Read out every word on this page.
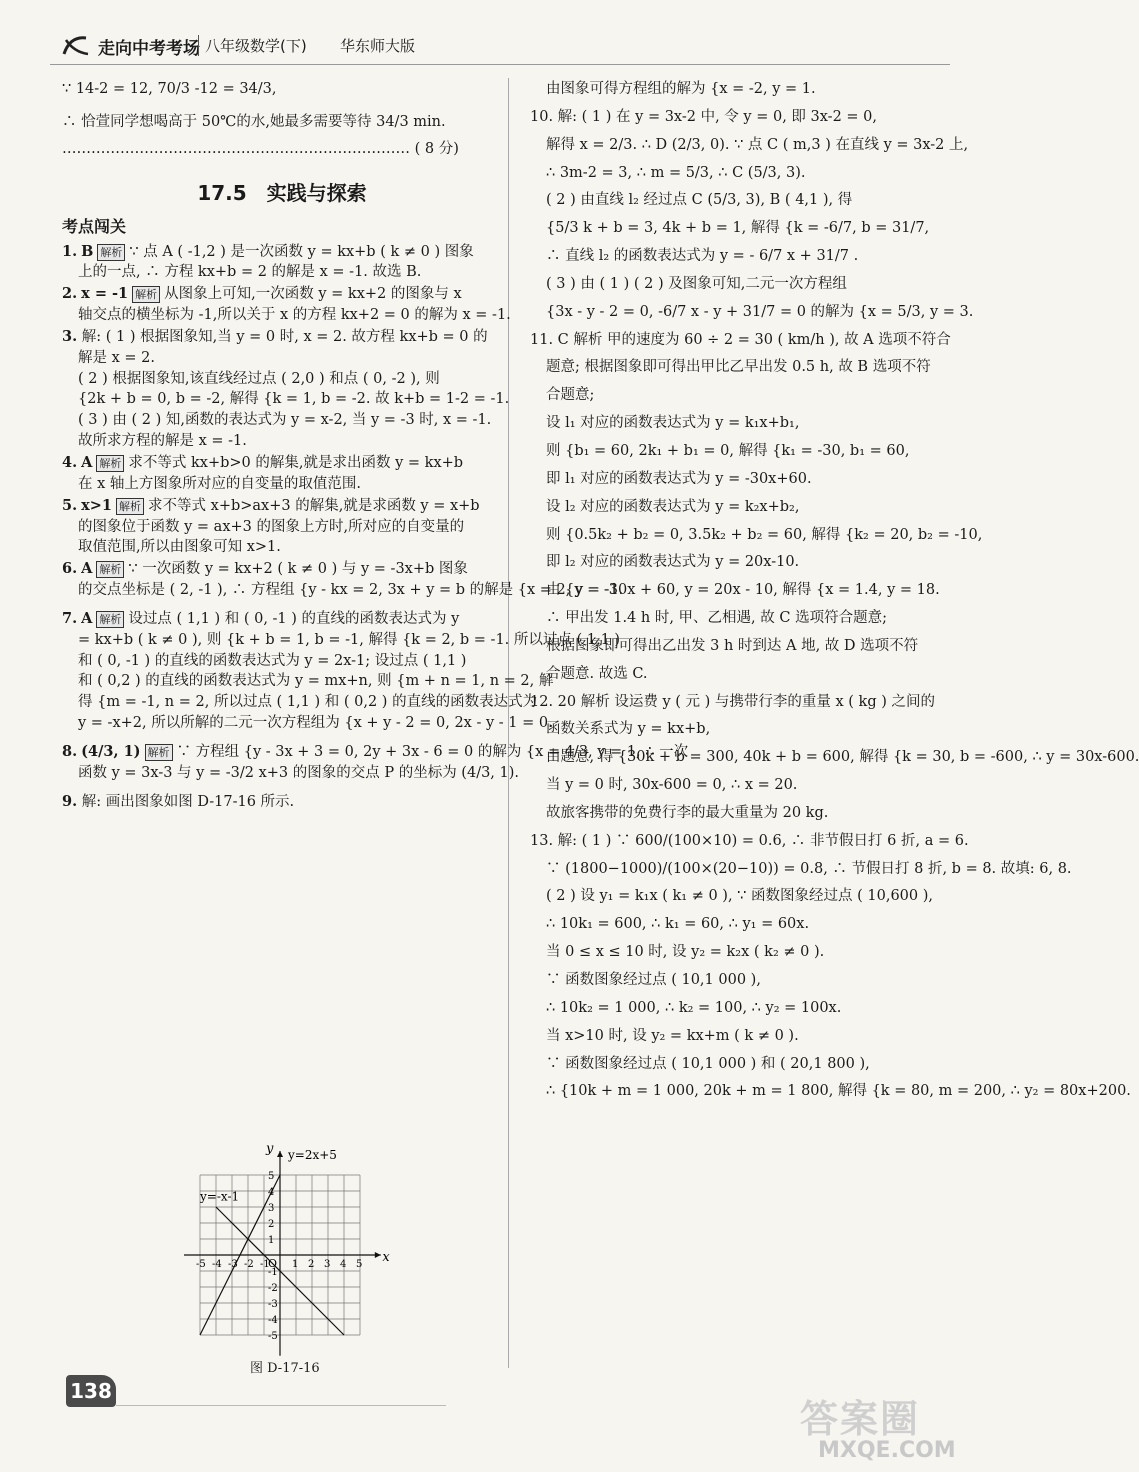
走向中考考场 八年级数学(下) 华东师大版
∵ 14-2 = 12, 70/3 -12 = 34/3,
∴ 恰萱同学想喝高于 50℃的水,她最多需要等待 34/3 min.
……………………………………………………………… ( 8 分)
17.5　实践与探索
考点闯关
1. B 解析 ∵ 点 A ( -1,2 ) 是一次函数 y = kx+b ( k ≠ 0 ) 图象
上的一点, ∴ 方程 kx+b = 2 的解是 x = -1. 故选 B.
2. x = -1 解析 从图象上可知,一次函数 y = kx+2 的图象与 x
轴交点的横坐标为 -1,所以关于 x 的方程 kx+2 = 0 的解为 x = -1.
3. 解: ( 1 ) 根据图象知,当 y = 0 时, x = 2. 故方程 kx+b = 0 的
解是 x = 2.
( 2 ) 根据图象知,该直线经过点 ( 2,0 ) 和点 ( 0, -2 ), 则
{2k + b = 0, b = -2, 解得 {k = 1, b = -2. 故 k+b = 1-2 = -1.
( 3 ) 由 ( 2 ) 知,函数的表达式为 y = x-2, 当 y = -3 时, x = -1.
故所求方程的解是 x = -1.
4. A 解析 求不等式 kx+b>0 的解集,就是求出函数 y = kx+b
在 x 轴上方图象所对应的自变量的取值范围.
5. x>1 解析 求不等式 x+b>ax+3 的解集,就是求函数 y = x+b
的图象位于函数 y = ax+3 的图象上方时,所对应的自变量的
取值范围,所以由图象可知 x>1.
6. A 解析 ∵ 一次函数 y = kx+2 ( k ≠ 0 ) 与 y = -3x+b 图象
的交点坐标是 ( 2, -1 ), ∴ 方程组 {y - kx = 2, 3x + y = b 的解是 {x = 2, y = -1.
7. A 解析 设过点 ( 1,1 ) 和 ( 0, -1 ) 的直线的函数表达式为 y
= kx+b ( k ≠ 0 ), 则 {k + b = 1, b = -1, 解得 {k = 2, b = -1. 所以过点 ( 1,1 )
和 ( 0, -1 ) 的直线的函数表达式为 y = 2x-1; 设过点 ( 1,1 )
和 ( 0,2 ) 的直线的函数表达式为 y = mx+n, 则 {m + n = 1, n = 2, 解
得 {m = -1, n = 2, 所以过点 ( 1,1 ) 和 ( 0,2 ) 的直线的函数表达式为
y = -x+2, 所以所解的二元一次方程组为 {x + y - 2 = 0, 2x - y - 1 = 0.
8. (4/3, 1) 解析 ∵ 方程组 {y - 3x + 3 = 0, 2y + 3x - 6 = 0 的解为 {x = 4/3, y = 1, ∴ 一次
函数 y = 3x-3 与 y = -3/2 x+3 的图象的交点 P 的坐标为 (4/3, 1).
9. 解: 画出图象如图 D-17-16 所示.
y=2x+5
y=-x-1
x
y
O
-5 -4 -3 -2 -1 1 2 3 4 5
5
4
3
2
1
-1
-2
-3
-4
-5
图 D-17-16
由图象可得方程组的解为 {x = -2, y = 1.
10. 解: ( 1 ) 在 y = 3x-2 中, 令 y = 0, 即 3x-2 = 0,
解得 x = 2/3. ∴ D (2/3, 0). ∵ 点 C ( m,3 ) 在直线 y = 3x-2 上,
∴ 3m-2 = 3, ∴ m = 5/3, ∴ C (5/3, 3).
( 2 ) 由直线 l₂ 经过点 C (5/3, 3), B ( 4,1 ), 得
{5/3 k + b = 3, 4k + b = 1, 解得 {k = -6/7, b = 31/7,
∴ 直线 l₂ 的函数表达式为 y = - 6/7 x + 31/7 .
( 3 ) 由 ( 1 ) ( 2 ) 及图象可知,二元一次方程组
{3x - y - 2 = 0, -6/7 x - y + 31/7 = 0 的解为 {x = 5/3, y = 3.
11. C 解析 甲的速度为 60 ÷ 2 = 30 ( km/h ), 故 A 选项不符合
题意; 根据图象即可得出甲比乙早出发 0.5 h, 故 B 选项不符
合题意;
设 l₁ 对应的函数表达式为 y = k₁x+b₁,
则 {b₁ = 60, 2k₁ + b₁ = 0, 解得 {k₁ = -30, b₁ = 60,
即 l₁ 对应的函数表达式为 y = -30x+60.
设 l₂ 对应的函数表达式为 y = k₂x+b₂,
则 {0.5k₂ + b₂ = 0, 3.5k₂ + b₂ = 60, 解得 {k₂ = 20, b₂ = -10,
即 l₂ 对应的函数表达式为 y = 20x-10.
由 {y = -30x + 60, y = 20x - 10, 解得 {x = 1.4, y = 18.
∴ 甲出发 1.4 h 时, 甲、乙相遇, 故 C 选项符合题意;
根据图象即可得出乙出发 3 h 时到达 A 地, 故 D 选项不符
合题意. 故选 C.
12. 20 解析 设运费 y ( 元 ) 与携带行李的重量 x ( kg ) 之间的
函数关系式为 y = kx+b,
由题意, 得 {30k + b = 300, 40k + b = 600, 解得 {k = 30, b = -600, ∴ y = 30x-600.
当 y = 0 时, 30x-600 = 0, ∴ x = 20.
故旅客携带的免费行李的最大重量为 20 kg.
13. 解: ( 1 ) ∵ 600/(100×10) = 0.6, ∴ 非节假日打 6 折, a = 6.
∵ (1800−1000)/(100×(20−10)) = 0.8, ∴ 节假日打 8 折, b = 8. 故填: 6, 8.
( 2 ) 设 y₁ = k₁x ( k₁ ≠ 0 ), ∵ 函数图象经过点 ( 10,600 ),
∴ 10k₁ = 600, ∴ k₁ = 60, ∴ y₁ = 60x.
当 0 ≤ x ≤ 10 时, 设 y₂ = k₂x ( k₂ ≠ 0 ).
∵ 函数图象经过点 ( 10,1 000 ),
∴ 10k₂ = 1 000, ∴ k₂ = 100, ∴ y₂ = 100x.
当 x>10 时, 设 y₂ = kx+m ( k ≠ 0 ).
∵ 函数图象经过点 ( 10,1 000 ) 和 ( 20,1 800 ),
∴ {10k + m = 1 000, 20k + m = 1 800, 解得 {k = 80, m = 200, ∴ y₂ = 80x+200.
138
答案圈
MXQE.COM
